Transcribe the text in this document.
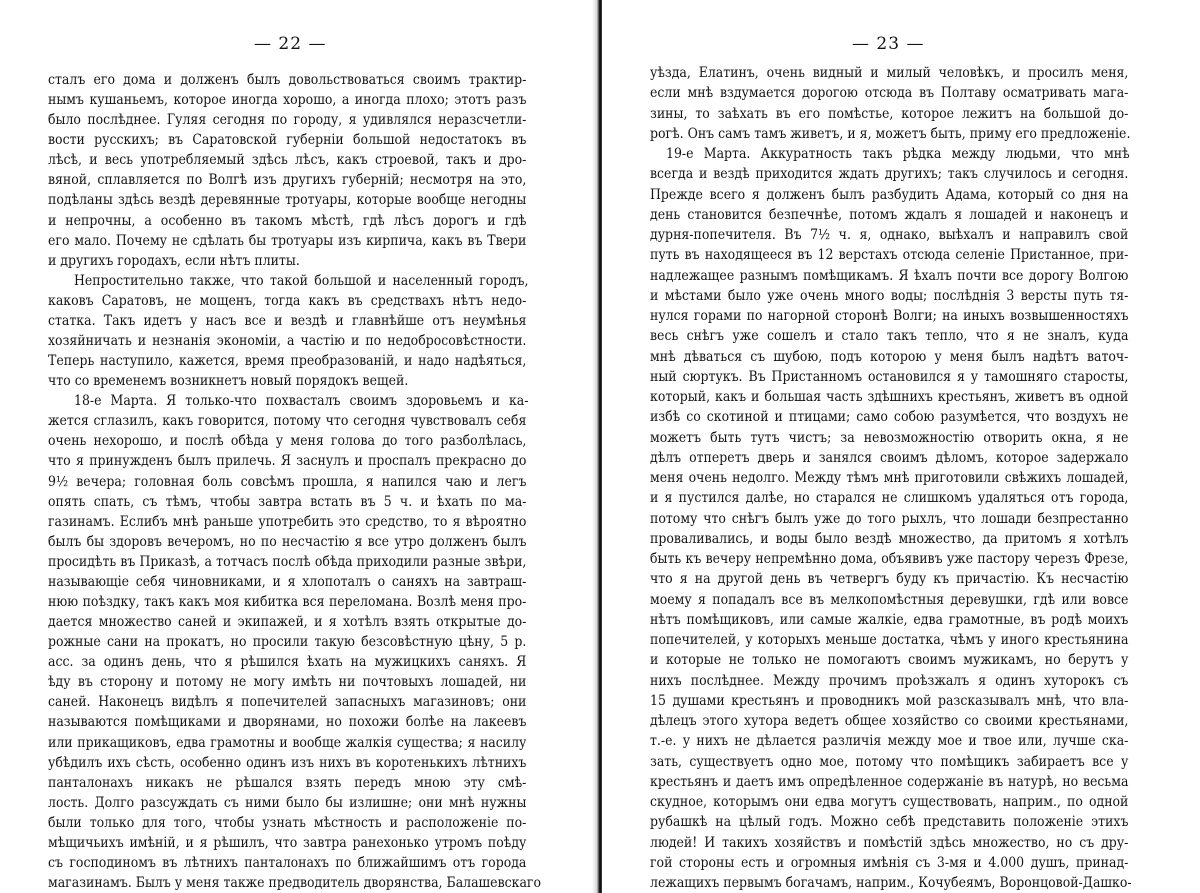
— 22 —
сталъ его дома и долженъ былъ довольствоваться своимъ трактир-
нымъ кушаньемъ, которое иногда хорошо, а иногда плохо; этотъ разъ
было послѣднее. Гуляя сегодня по городу, я удивлялся неразсчетли-
вости русскихъ; въ Саратовской губерніи большой недостатокъ въ
лѣсѣ, и весь употребляемый здѣсь лѣсъ, какъ строевой, такъ и дро-
вяной, сплавляется по Волгѣ изъ другихъ губерній; несмотря на это,
подѣланы здѣсь вездѣ деревянные тротуары, которые вообще негодны
и непрочны, а особенно въ такомъ мѣстѣ, гдѣ лѣсъ дорогъ и гдѣ
его мало. Почему не сдѣлать бы тротуары изъ кирпича, какъ въ Твери
и другихъ городахъ, если нѣтъ плиты.
Непростительно также, что такой большой и населенный городъ,
каковъ Саратовъ, не мощенъ, тогда какъ въ средствахъ нѣтъ недо-
статка. Такъ идетъ у насъ все и вездѣ и главнѣйше отъ неумѣнья
хозяйничать и незнанія экономіи, а частію и по недобросовѣстности.
Теперь наступило, кажется, время преобразованій, и надо надѣяться,
что со временемъ возникнетъ новый порядокъ вещей.
18-е Марта. Я только-что похвасталъ своимъ здоровьемъ и ка-
жется сглазилъ, какъ говорится, потому что сегодня чувствовалъ себя
очень нехорошо, и послѣ обѣда у меня голова до того разболѣлась,
что я принужденъ былъ прилечь. Я заснулъ и проспалъ прекрасно до
9½ вечера; головная боль совсѣмъ прошла, я напился чаю и легъ
опять спать, съ тѣмъ, чтобы завтра встать въ 5 ч. и ѣхать по ма-
газинамъ. Еслибъ мнѣ раньше употребить это средство, то я вѣроятно
былъ бы здоровъ вечеромъ, но по несчастію я все утро долженъ былъ
просидѣть въ Приказѣ, а тотчасъ послѣ обѣда приходили разные звѣри,
называющіе себя чиновниками, и я хлопоталъ о саняхъ на завтраш-
нюю поѣздку, такъ какъ моя кибитка вся переломана. Возлѣ меня про-
дается множество саней и экипажей, и я хотѣлъ взять открытые до-
рожные сани на прокатъ, но просили такую безсовѣстную цѣну, 5 р.
асс. за одинъ день, что я рѣшился ѣхать на мужицкихъ саняхъ. Я
ѣду въ сторону и потому не могу имѣть ни почтовыхъ лошадей, ни
саней. Наконецъ видѣлъ я попечителей запасныхъ магазиновъ; они
называются помѣщиками и дворянами, но похожи болѣе на лакеевъ
или прикащиковъ, едва грамотны и вообще жалкія существа; я насилу
убѣдилъ ихъ сѣсть, особенно одинъ изъ нихъ въ коротенькихъ лѣтнихъ
панталонахъ никакъ не рѣшался взять передъ мною эту смѣ-
лость. Долго разсуждать съ ними было бы излишне; они мнѣ нужны
были только для того, чтобы узнать мѣстность и расположеніе по-
мѣщичьихъ имѣній, и я рѣшилъ, что завтра ранехонько утромъ поѣду
съ господиномъ въ лѣтнихъ панталонахъ по ближайшимъ отъ города
магазинамъ. Былъ у меня также предводитель дворянства, Балашевскаго
— 23 —
уѣзда, Елатинъ, очень видный и милый человѣкъ, и просилъ меня,
если мнѣ вздумается дорогою отсюда въ Полтаву осматривать мага-
зины, то заѣхать въ его помѣстье, которое лежитъ на большой до-
рогѣ. Онъ самъ тамъ живетъ, и я, можетъ быть, приму его предложеніе.
19-е Марта. Аккуратность такъ рѣдка между людьми, что мнѣ
всегда и вездѣ приходится ждать другихъ; такъ случилось и сегодня.
Прежде всего я долженъ былъ разбудить Адама, который со дня на
день становится безпечнѣе, потомъ ждалъ я лошадей и наконецъ и
дурня-попечителя. Въ 7½ ч. я, однако, выѣхалъ и направилъ свой
путь въ находящееся въ 12 верстахъ отсюда селеніе Пристанное, при-
надлежащее разнымъ помѣщикамъ. Я ѣхалъ почти все дорогу Волгою
и мѣстами было уже очень много воды; послѣднія 3 версты путь тя-
нулся горами по нагорной сторонѣ Волги; на иныхъ возвышенностяхъ
весь снѣгъ уже сошелъ и стало такъ тепло, что я не зналъ, куда
мнѣ дѣваться съ шубою, подъ которою у меня былъ надѣтъ ваточ-
ный сюртукъ. Въ Пристанномъ остановился я у тамошняго старосты,
который, какъ и большая часть здѣшнихъ крестьянъ, живетъ въ одной
избѣ со скотиной и птицами; само собою разумѣется, что воздухъ не
можетъ быть тутъ чистъ; за невозможностію отворить окна, я не
дѣлъ отперетъ дверь и занялся своимъ дѣломъ, которое задержало
меня очень недолго. Между тѣмъ мнѣ приготовили свѣжихъ лошадей,
и я пустился далѣе, но старался не слишкомъ удаляться отъ города,
потому что снѣгъ былъ уже до того рыхлъ, что лошади безпрестанно
проваливались, и воды было вездѣ множество, да притомъ я хотѣлъ
быть къ вечеру непремѣнно дома, объявивъ уже пастору черезъ Фрезе,
что я на другой день въ четвергъ буду къ причастію. Къ несчастію
моему я попадалъ все въ мелкопомѣстныя деревушки, гдѣ или вовсе
нѣтъ помѣщиковъ, или самые жалкіе, едва грамотные, въ родѣ моихъ
попечителей, у которыхъ меньше достатка, чѣмъ у иного крестьянина
и которые не только не помогаютъ своимъ мужикамъ, но берутъ у
нихъ послѣднее. Между прочимъ проѣзжалъ я одинъ хуторокъ съ
15 душами крестьянъ и проводникъ мой разсказывалъ мнѣ, что вла-
дѣлецъ этого хутора ведетъ общее хозяйство со своими крестьянами,
т.-е. у нихъ не дѣлается различія между мое и твое или, лучше ска-
зать, существуетъ одно мое, потому что помѣщикъ забираетъ все у
крестьянъ и даетъ имъ опредѣленное содержаніе въ натурѣ, но весьма
скудное, которымъ они едва могутъ существовать, наприм., по одной
рубашкѣ на цѣлый годъ. Можно себѣ представить положеніе этихъ
людей! И такихъ хозяйствъ и помѣстій здѣсь множество, но съ дру-
гой стороны есть и огромныя имѣнія съ 3-мя и 4.000 душъ, принад-
лежащихъ первымъ богачамъ, наприм., Кочубеямъ, Воронцовой-Дашко-
